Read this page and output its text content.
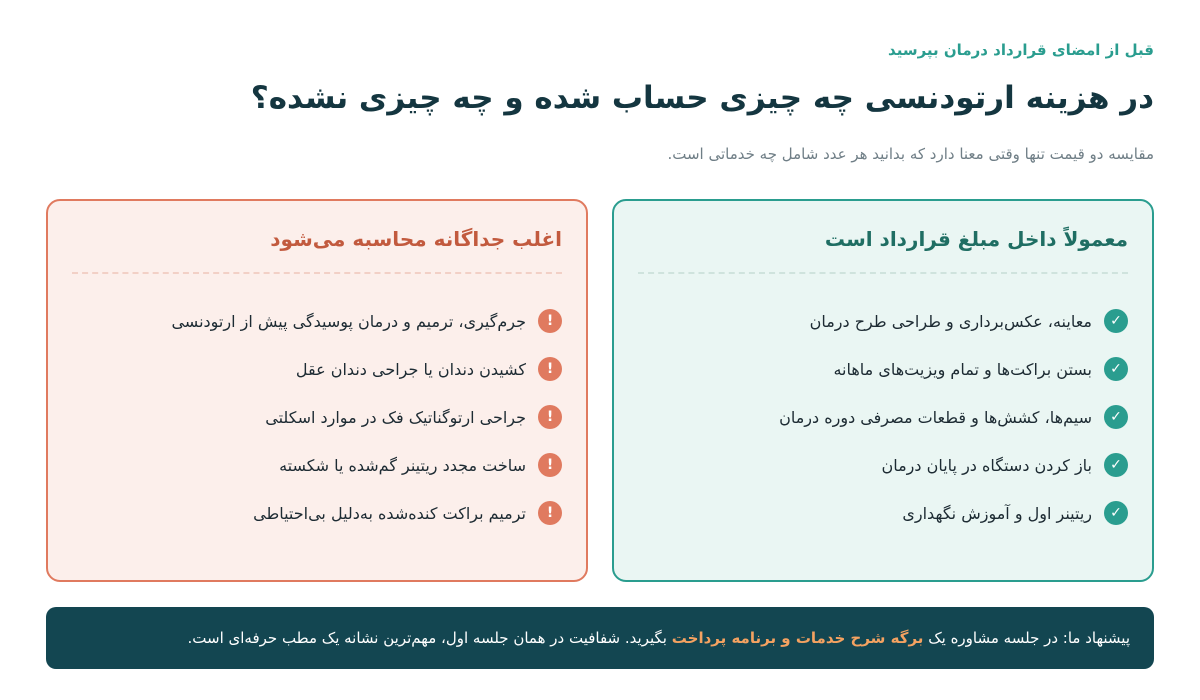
قبل از امضای قرارداد درمان بپرسید
در هزینه ارتودنسی چه چیزی حساب شده و چه چیزی نشده؟
مقایسه دو قیمت تنها وقتی معنا دارد که بدانید هر عدد شامل چه خدماتی است.
معمولاً داخل مبلغ قرارداد است
✓
معاینه، عکس‌برداری و طراحی طرح درمان
✓
بستن براکت‌ها و تمام ویزیت‌های ماهانه
✓
سیم‌ها، کشش‌ها و قطعات مصرفی دوره درمان
✓
باز کردن دستگاه در پایان درمان
✓
ریتینر اول و آموزش نگهداری
اغلب جداگانه محاسبه می‌شود
!
جرم‌گیری، ترمیم و درمان پوسیدگی پیش از ارتودنسی
!
کشیدن دندان یا جراحی دندان عقل
!
جراحی ارتوگناتیک فک در موارد اسکلتی
!
ساخت مجدد ریتینر گم‌شده یا شکسته
!
ترمیم براکت کنده‌شده به‌دلیل بی‌احتیاطی
پیشنهاد ما: در جلسه مشاوره یک برگه شرح خدمات و برنامه پرداخت بگیرید. شفافیت در همان جلسه اول، مهم‌ترین نشانه یک مطب حرفه‌ای است.
